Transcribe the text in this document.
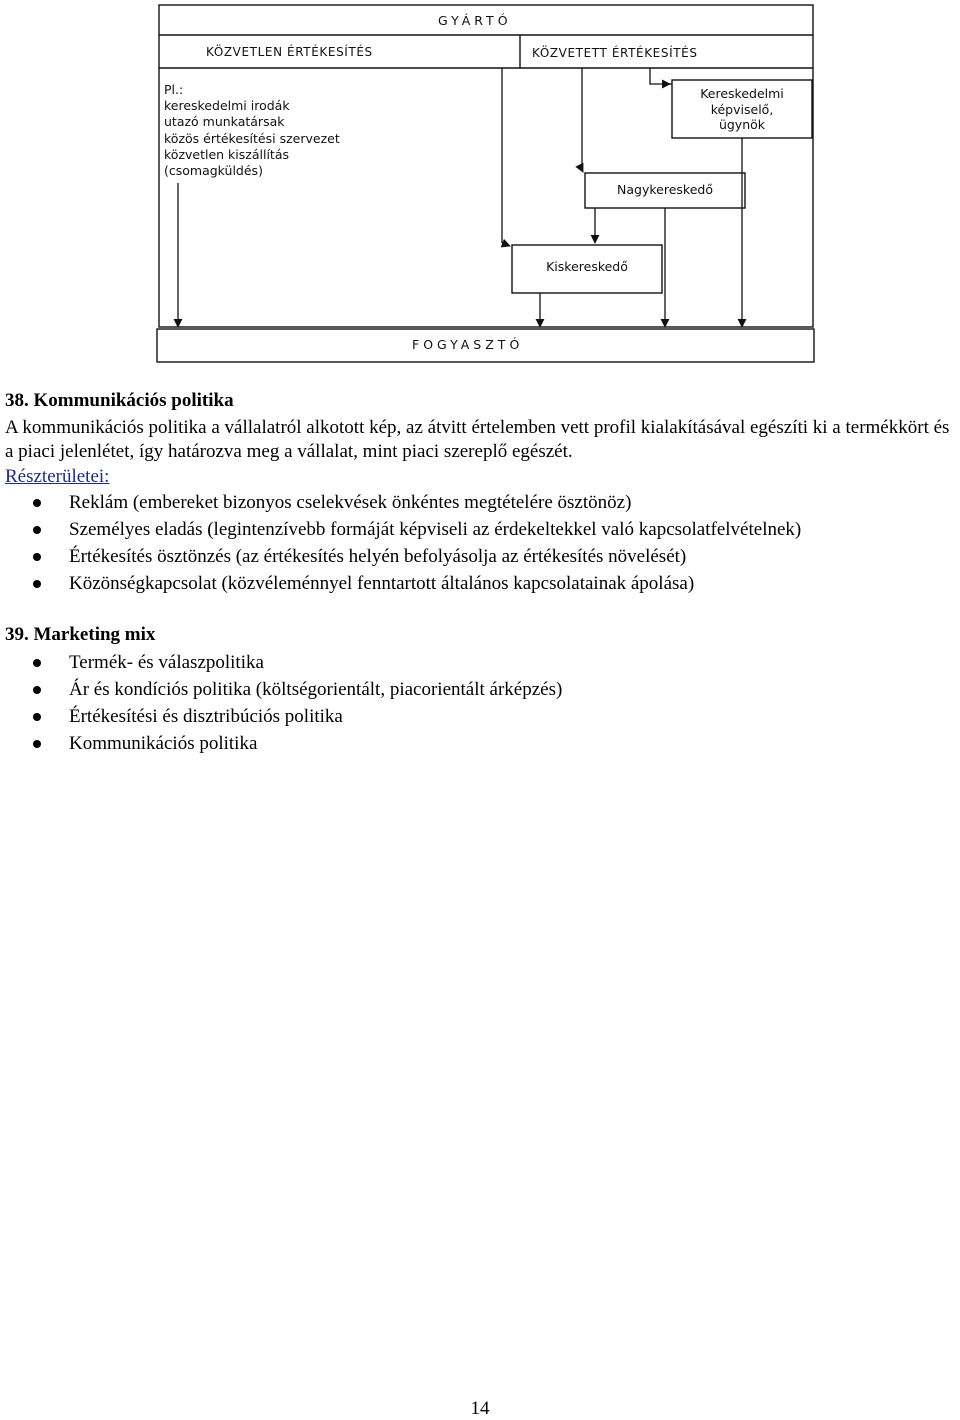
GYÁRTÓ
KÖZVETLEN ÉRTÉKESÍTÉS	KÖZVETETT ÉRTÉKESÍTÉS
Pl.:
kereskedelmi irodák
utazó munkatársak
közös értékesítési szervezet
közvetlen kiszállítás
(csomagküldés)
Kereskedelmi
képviselő,
ügynök
Nagykereskedő
Kiskereskedő
FOGYASZTÓ
38. Kommunikációs politika

A kommunikációs politika a vállalatról alkotott kép, az átvitt értelemben vett profil kialakításával egészíti ki a termékkört és a piaci jelenlétet, így határozva meg a vállalat, mint piaci szereplő egészét.

Részterületei:

Reklám (embereket bizonyos cselekvések önkéntes megtételére ösztönöz)
Személyes eladás (legintenzívebb formáját képviseli az érdekeltekkel való kapcsolatfelvételnek)
Értékesítés ösztönzés (az értékesítés helyén befolyásolja az értékesítés növelését)
Közönségkapcsolat (közvéleménnyel fenntartott általános kapcsolatainak ápolása)
39. Marketing mix
Termék- és válaszpolitika
Ár és kondíciós politika (költségorientált, piacorientált árképzés)
Értékesítési és disztribúciós politika
Kommunikációs politika
14
